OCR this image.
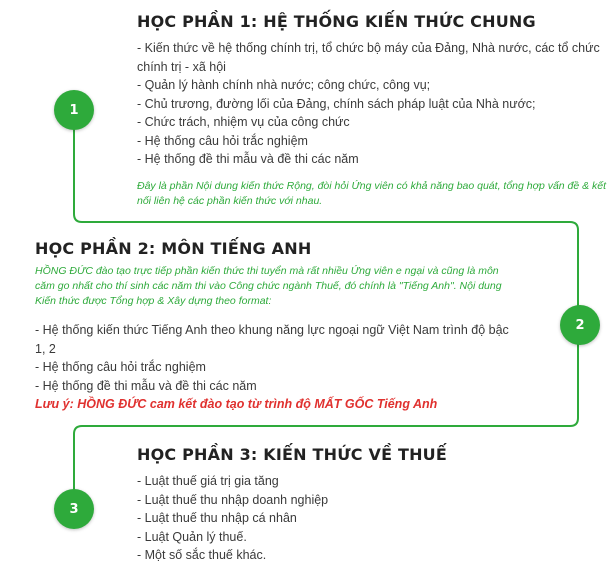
1
2
3
HỌC PHẦN 1: HỆ THỐNG KIẾN THỨC CHUNG
- Kiến thức về hệ thống chính trị, tổ chức bộ máy của Đảng, Nhà nước, các tổ chức chính trị - xã hội
- Quản lý hành chính nhà nước; công chức, công vụ;
- Chủ trương, đường lối của Đảng, chính sách pháp luật của Nhà nước;
- Chức trách, nhiệm vụ của công chức
- Hệ thống câu hỏi trắc nghiệm
- Hệ thống đề thi mẫu và đề thi các năm
Đây là phần Nội dung kiến thức Rộng, đòi hỏi Ứng viên có khả năng bao quát, tổng hợp vấn đề & kết nối liên hệ các phần kiến thức với nhau.
HỌC PHẦN 2: MÔN TIẾNG ANH
HỒNG ĐỨC đào tạo trực tiếp phần kiến thức thi tuyển mà rất nhiều Ứng viên e ngại và cũng là môn căm go nhất cho thí sinh các năm thi vào Công chức ngành Thuế, đó chính là "Tiếng Anh". Nội dung Kiến thức được Tổng hợp & Xây dựng theo format:
- Hệ thống kiến thức Tiếng Anh theo khung năng lực ngoại ngữ Việt Nam trình độ bậc 1, 2
- Hệ thống câu hỏi trắc nghiệm
- Hệ thống đề thi mẫu và đề thi các năm
Lưu ý: HỒNG ĐỨC cam kết đào tạo từ trình độ MẤT GỐC Tiếng Anh
HỌC PHẦN 3: KIẾN THỨC VỀ THUẾ
- Luật thuế giá trị gia tăng
- Luật thuế thu nhập doanh nghiệp
- Luật thuế thu nhập cá nhân
- Luật Quản lý thuế.
- Một số sắc thuế khác.
